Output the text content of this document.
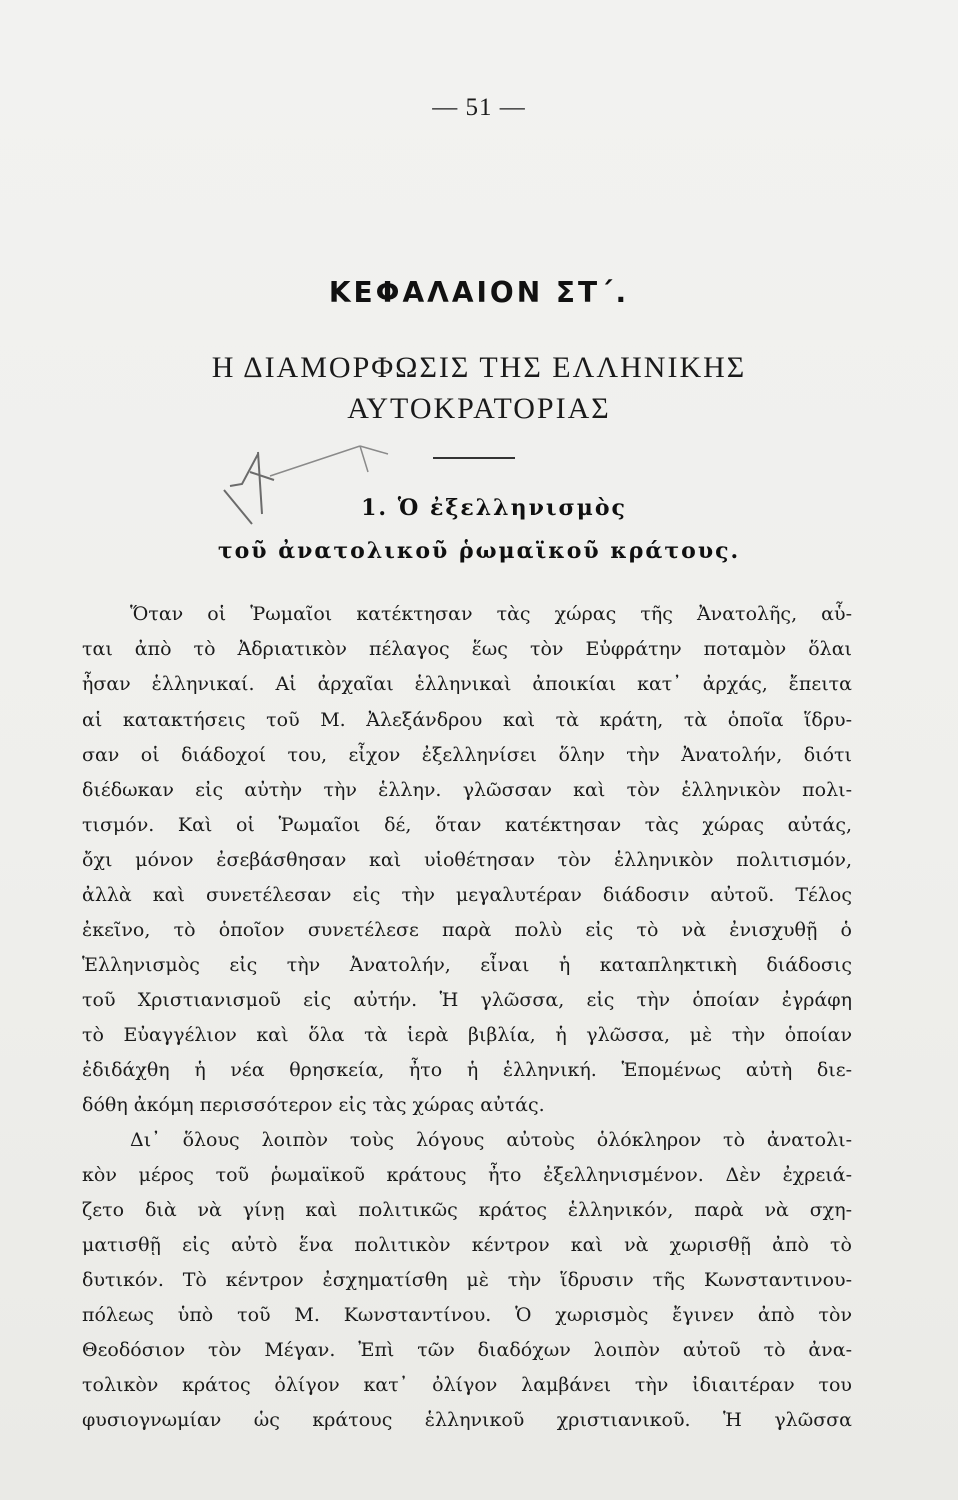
— 51 —
ΚΕΦΑΛΑΙΟΝ ΣΤ΄.
Η ΔΙΑΜΟΡΦΩΣΙΣ ΤΗΣ ΕΛΛΗΝΙΚΗΣ
ΑΥΤΟΚΡΑΤΟΡΙΑΣ
1. Ὁ ἐξελληνισμὸς
τοῦ ἀνατολικοῦ ῥωμαϊκοῦ κράτους.
Ὅταν οἱ Ῥωμαῖοι κατέκτησαν τὰς χώρας τῆς Ἀνατολῆς, αὗ-
ται ἀπὸ τὸ Ἀδριατικὸν πέλαγος ἕως τὸν Εὐφράτην ποταμὸν ὅλαι
ἦσαν ἑλληνικαί. Αἱ ἀρχαῖαι ἑλληνικαὶ ἀποικίαι κατ᾽ ἀρχάς, ἔπειτα
αἱ κατακτήσεις τοῦ Μ. Ἀλεξάνδρου καὶ τὰ κράτη, τὰ ὁποῖα ἵδρυ-
σαν οἱ διάδοχοί του, εἶχον ἐξελληνίσει ὅλην τὴν Ἀνατολήν, διότι
διέδωκαν εἰς αὐτὴν τὴν ἑλλην. γλῶσσαν καὶ τὸν ἑλληνικὸν πολι-
τισμόν. Καὶ οἱ Ῥωμαῖοι δέ, ὅταν κατέκτησαν τὰς χώρας αὐτάς,
ὄχι μόνον ἐσεβάσθησαν καὶ υἱοθέτησαν τὸν ἑλληνικὸν πολιτισμόν,
ἀλλὰ καὶ συνετέλεσαν εἰς τὴν μεγαλυτέραν διάδοσιν αὐτοῦ. Τέλος
ἐκεῖνο, τὸ ὁποῖον συνετέλεσε παρὰ πολὺ εἰς τὸ νὰ ἐνισχυθῇ ὁ
Ἑλληνισμὸς εἰς τὴν Ἀνατολήν, εἶναι ἡ καταπληκτικὴ διάδοσις
τοῦ Χριστιανισμοῦ εἰς αὐτήν. Ἡ γλῶσσα, εἰς τὴν ὁποίαν ἐγράφη
τὸ Εὐαγγέλιον καὶ ὅλα τὰ ἱερὰ βιβλία, ἡ γλῶσσα, μὲ τὴν ὁποίαν
ἐδιδάχθη ἡ νέα θρησκεία, ἦτο ἡ ἑλληνική. Ἑπομένως αὐτὴ διε-
δόθη ἀκόμη περισσότερον εἰς τὰς χώρας αὐτάς.
Δι᾽ ὅλους λοιπὸν τοὺς λόγους αὐτοὺς ὁλόκληρον τὸ ἀνατολι-
κὸν μέρος τοῦ ῥωμαϊκοῦ κράτους ἦτο ἐξελληνισμένον. Δὲν ἐχρειά-
ζετο διὰ νὰ γίνῃ καὶ πολιτικῶς κράτος ἑλληνικόν, παρὰ νὰ σχη-
ματισθῇ εἰς αὐτὸ ἕνα πολιτικὸν κέντρον καὶ νὰ χωρισθῇ ἀπὸ τὸ
δυτικόν. Τὸ κέντρον ἐσχηματίσθη μὲ τὴν ἵδρυσιν τῆς Κωνσταντινου-
πόλεως ὑπὸ τοῦ Μ. Κωνσταντίνου. Ὁ χωρισμὸς ἔγινεν ἀπὸ τὸν
Θεοδόσιον τὸν Μέγαν. Ἐπὶ τῶν διαδόχων λοιπὸν αὐτοῦ τὸ ἀνα-
τολικὸν κράτος ὀλίγον κατ᾽ ὀλίγον λαμβάνει τὴν ἰδιαιτέραν του
φυσιογνωμίαν ὡς κράτους ἑλληνικοῦ χριστιανικοῦ. Ἡ γλῶσσα
